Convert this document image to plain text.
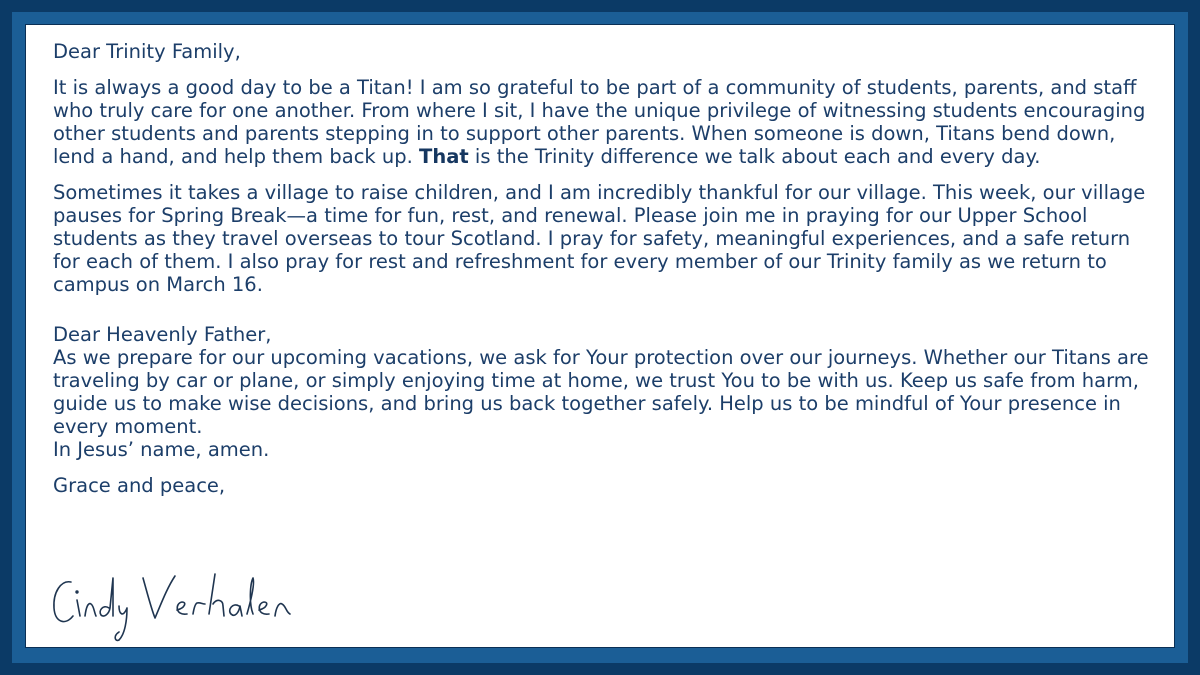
Dear Trinity Family,

It is always a good day to be a Titan! I am so grateful to be part of a community of students, parents, and staff who truly care for one another. From where I sit, I have the unique privilege of witnessing students encouraging other students and parents stepping in to support other parents. When someone is down, Titans bend down, lend a hand, and help them back up. That is the Trinity difference we talk about each and every day.

Sometimes it takes a village to raise children, and I am incredibly thankful for our village. This week, our village pauses for Spring Break—a time for fun, rest, and renewal. Please join me in praying for our Upper School students as they travel overseas to tour Scotland. I pray for safety, meaningful experiences, and a safe return for each of them. I also pray for rest and refreshment for every member of our Trinity family as we return to campus on March 16.

Dear Heavenly Father,
As we prepare for our upcoming vacations, we ask for Your protection over our journeys. Whether our Titans are traveling by car or plane, or simply enjoying time at home, we trust You to be with us. Keep us safe from harm, guide us to make wise decisions, and bring us back together safely. Help us to be mindful of Your presence in every moment.
In Jesus’ name, amen.

Grace and peace,
